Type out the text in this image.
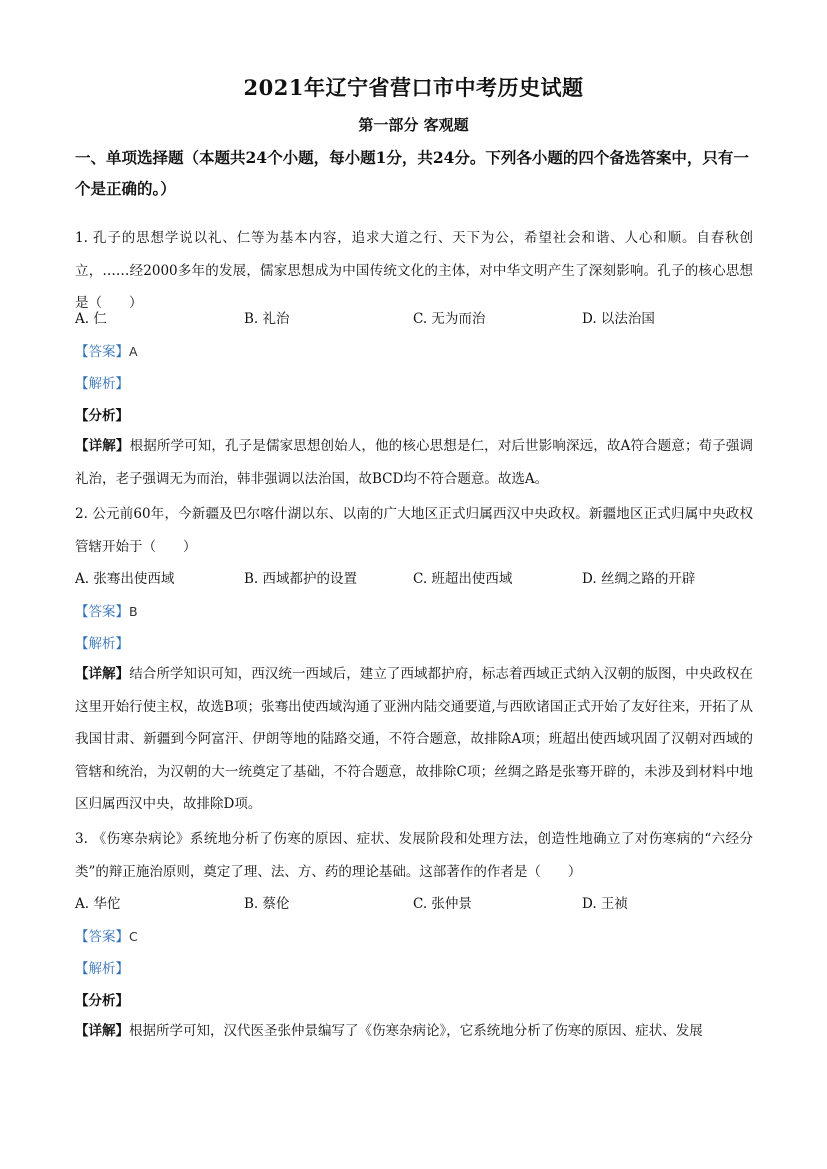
2021年辽宁省营口市中考历史试题
第一部分 客观题
一、单项选择题（本题共24个小题，每小题1分，共24分。下列各小题的四个备选答案中，只有一个是正确的。）
1. 孔子的思想学说以礼、仁等为基本内容，追求大道之行、天下为公，希望社会和谐、人心和顺。自春秋创立，……经2000多年的发展，儒家思想成为中国传统文化的主体，对中华文明产生了深刻影响。孔子的核心思想是（　　）
A. 仁	B. 礼治	C. 无为而治	D. 以法治国
【答案】A
【解析】
【分析】
【详解】根据所学可知，孔子是儒家思想创始人，他的核心思想是仁，对后世影响深远，故A符合题意；荀子强调礼治，老子强调无为而治，韩非强调以法治国，故BCD均不符合题意。故选A。
2. 公元前60年，今新疆及巴尔喀什湖以东、以南的广大地区正式归属西汉中央政权。新疆地区正式归属中央政权管辖开始于（　　）
A. 张骞出使西域	B. 西域都护的设置	C. 班超出使西域	D. 丝绸之路的开辟
【答案】B
【解析】
【详解】结合所学知识可知，西汉统一西域后，建立了西域都护府，标志着西域正式纳入汉朝的版图，中央政权在这里开始行使主权，故选B项；张骞出使西域沟通了亚洲内陆交通要道,与西欧诸国正式开始了友好往来，开拓了从我国甘肃、新疆到今阿富汗、伊朗等地的陆路交通，不符合题意，故排除A项；班超出使西域巩固了汉朝对西域的管辖和统治，为汉朝的大一统奠定了基础，不符合题意，故排除C项；丝绸之路是张骞开辟的，未涉及到材料中地区归属西汉中央，故排除D项。
3. 《伤寒杂病论》系统地分析了伤寒的原因、症状、发展阶段和处理方法，创造性地确立了对伤寒病的“六经分类”的辩正施治原则，奠定了理、法、方、药的理论基础。这部著作的作者是（　　）
A. 华佗	B. 蔡伦	C. 张仲景	D. 王祯
【答案】C
【解析】
【分析】
【详解】根据所学可知，汉代医圣张仲景编写了《伤寒杂病论》，它系统地分析了伤寒的原因、症状、发展
